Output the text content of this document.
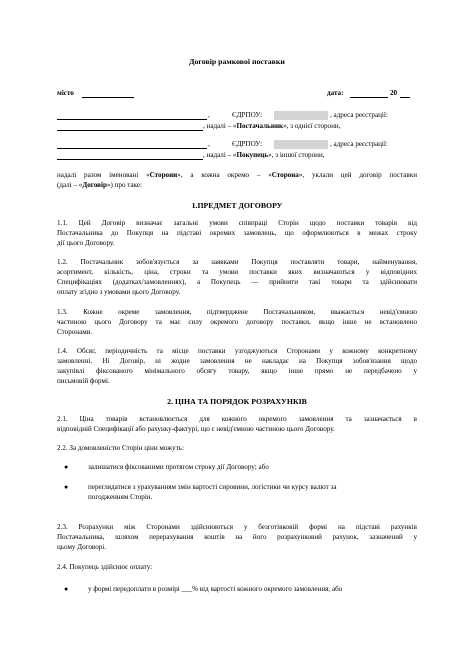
Договір рамкової поставки
місто	дата:	20
,	ЄДРПОУ:	, адреса реєстрації:
, надалі – «Постачальник», з однієї сторони,
,	ЄДРПОУ:	, адреса реєстрації:
, надалі – «Покупець», з іншої сторони,
надалі разом іменовані «Сторони», а кожна окремо – «Сторона», уклали цей договір поставки
(далі – «Договір») про таке:
1.ПРЕДМЕТ ДОГОВОРУ
1.1. Цей Договір визначає загальні умови співпраці Сторін щодо поставки товарів від
Постачальника до Покупця на підставі окремих замовлень, що оформлюються в межах строку
дії цього Договору.
1.2. Постачальник зобов'язується за заявками Покупця поставляти товари, найменування,
асортимент, кількість, ціна, строки та умови поставки яких визначаються у відповідних
Специфікаціях (додатках/замовленнях), а Покупець — прийняти такі товари та здійснювати
оплату згідно з умовами цього Договору.
1.3. Кожне окреме замовлення, підтверджене Постачальником, вважається невід'ємною
частиною цього Договору та має силу окремого договору поставки, якщо інше не встановлено
Сторонами.
1.4. Обсяг, періодичність та місце поставки узгоджуються Сторонами у кожному конкретному
замовленні. Ні Договір, ні жодне замовлення не накладає на Покупця зобов'язання щодо
закупівлі фіксованого мінімального обсягу товару, якщо інше прямо не передбачено у
письмовій формі.
2. ЦІНА ТА ПОРЯДОК РОЗРАХУНКІВ
2.1. Ціна товарів встановлюється для кожного окремого замовлення та зазначається в
відповідній Специфікації або рахунку-фактурі, що є невід'ємною частиною цього Договору.
2.2. За домовленістю Сторін ціни можуть:
●	залишатися фіксованими протягом строку дії Договору; або
●	переглядатися з урахуванням змін вартості сировини, логістики чи курсу валют за
погодженням Сторін.
2.3. Розрахунки між Сторонами здійснюються у безготівковій формі на підставі рахунків
Постачальника, шляхом перерахування коштів на його розрахунковий рахунок, зазначений у
цьому Договорі.
2.4. Покупець здійснює оплату:
●	у формі передоплати в розмірі ___% від вартості кожного окремого замовлення, або
